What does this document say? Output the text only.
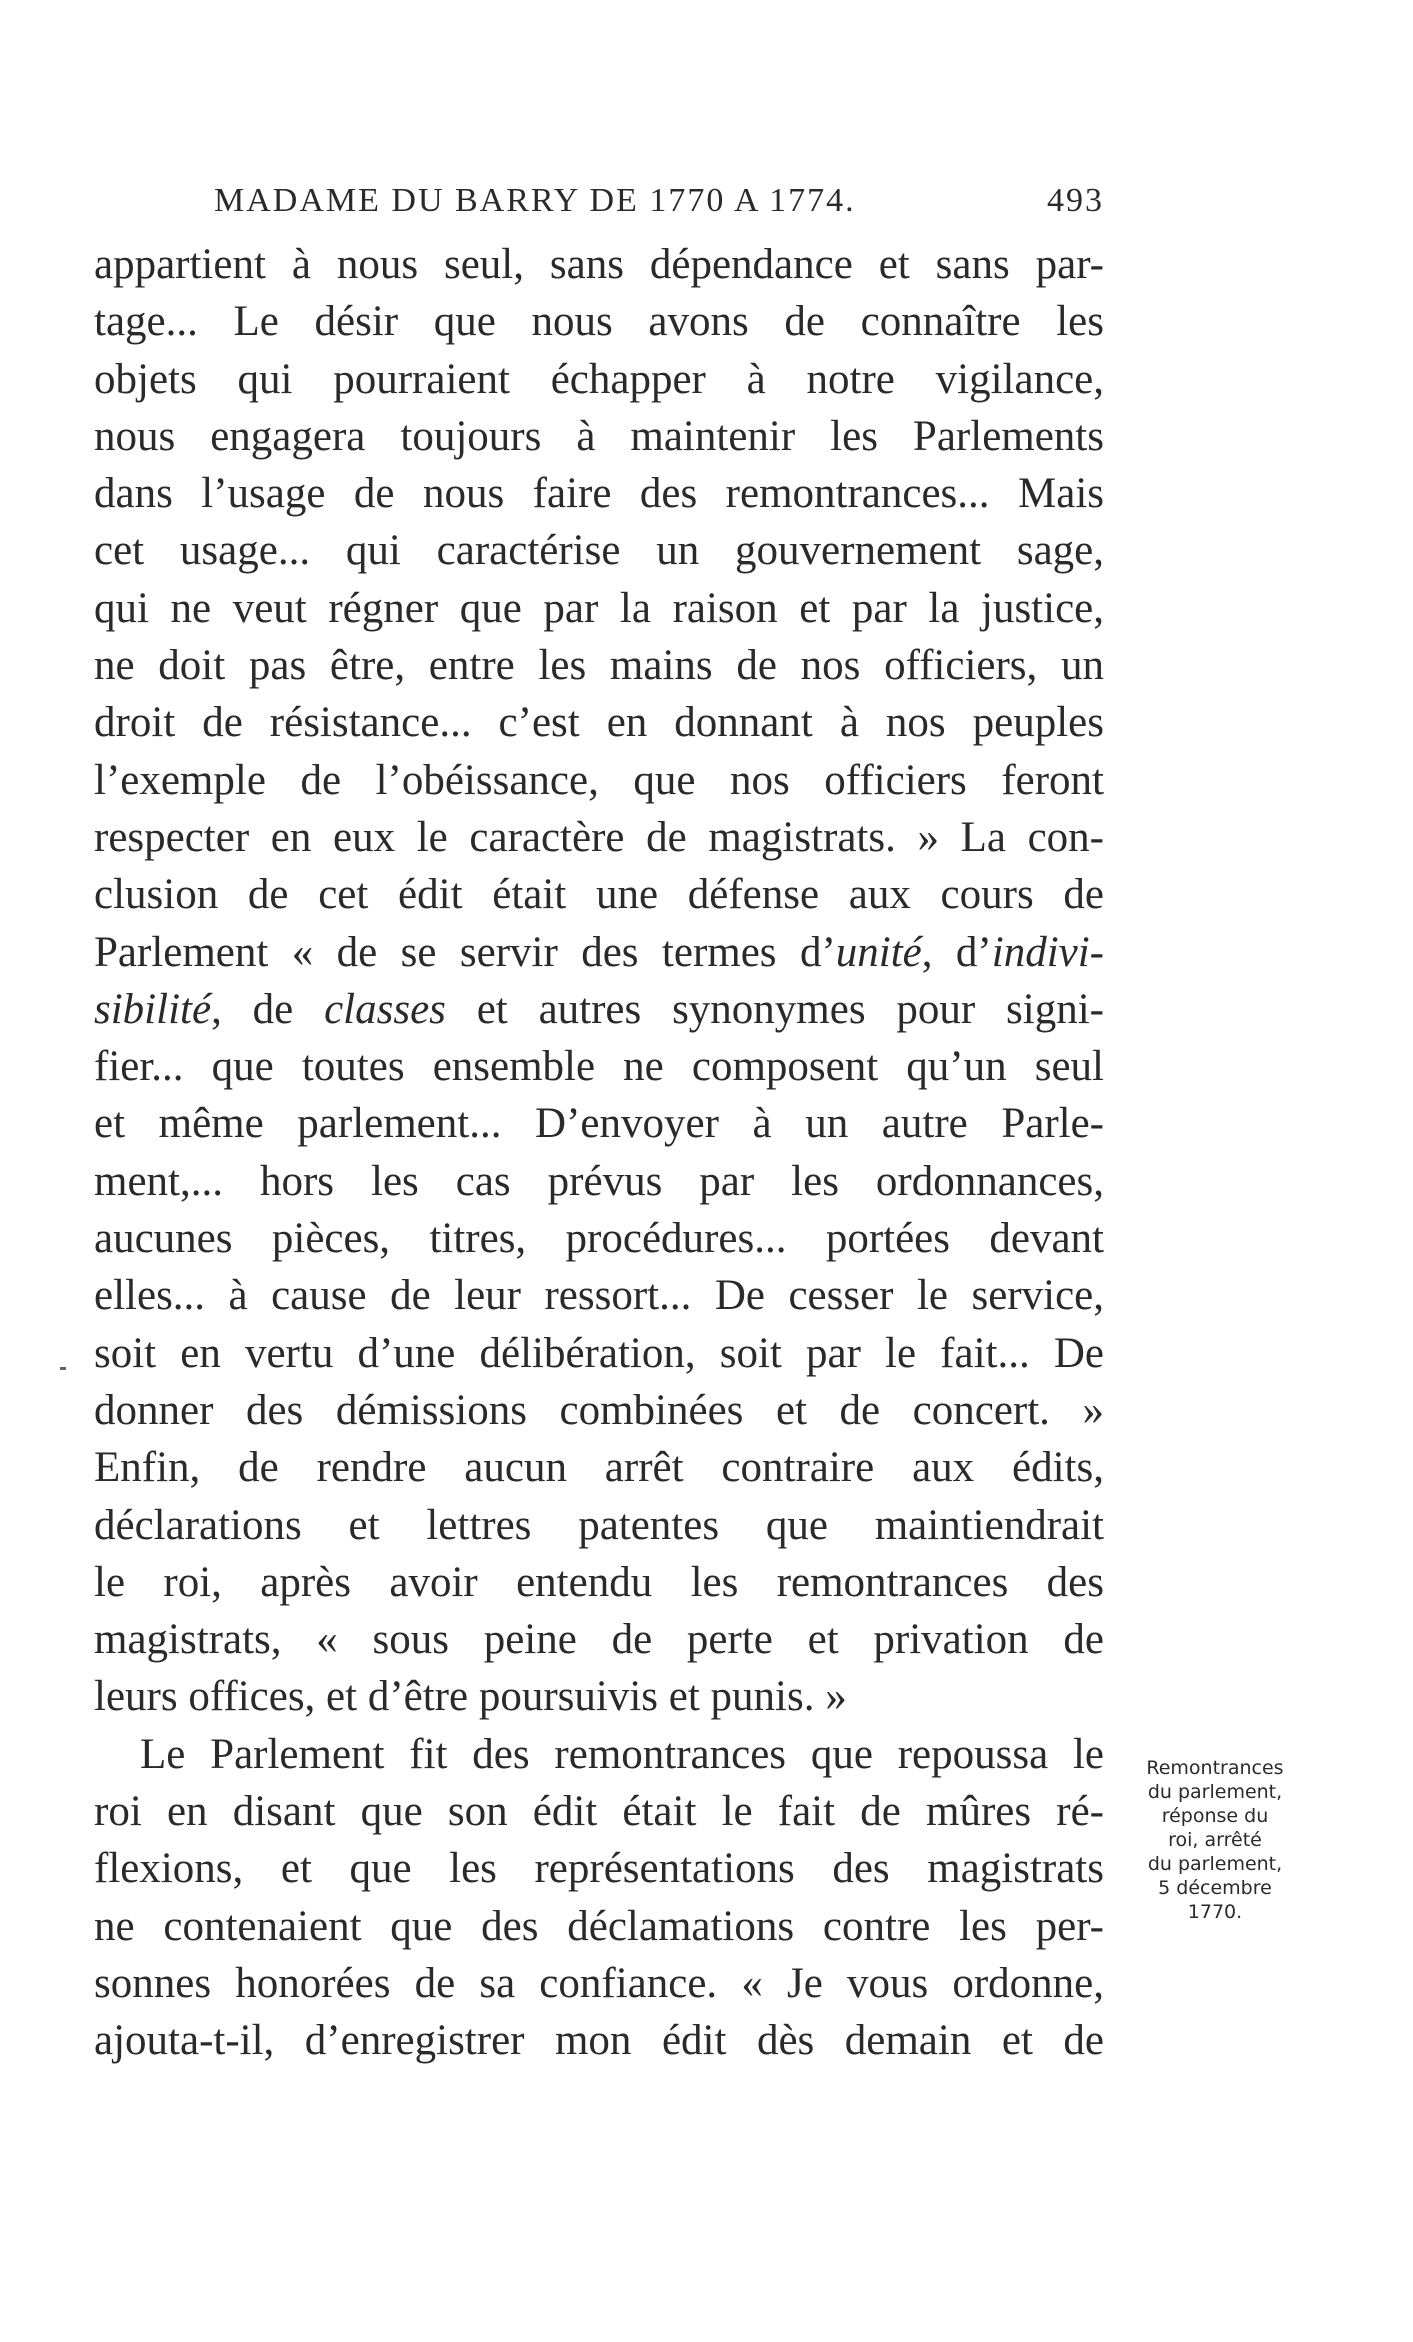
MADAME DU BARRY DE 1770 A 1774.	493
appartient à nous seul, sans dépendance et sans par-
tage... Le désir que nous avons de connaître les
objets qui pourraient échapper à notre vigilance,
nous engagera toujours à maintenir les Parlements
dans l’usage de nous faire des remontrances... Mais
cet usage... qui caractérise un gouvernement sage,
qui ne veut régner que par la raison et par la justice,
ne doit pas être, entre les mains de nos officiers, un
droit de résistance... c’est en donnant à nos peuples
l’exemple de l’obéissance, que nos officiers feront
respecter en eux le caractère de magistrats. » La con-
clusion de cet édit était une défense aux cours de
Parlement « de se servir des termes d’unité, d’indivi-
sibilité, de classes et autres synonymes pour signi-
fier... que toutes ensemble ne composent qu’un seul
et même parlement... D’envoyer à un autre Parle-
ment,... hors les cas prévus par les ordonnances,
aucunes pièces, titres, procédures... portées devant
elles... à cause de leur ressort... De cesser le service,
soit en vertu d’une délibération, soit par le fait... De
donner des démissions combinées et de concert. »
Enfin, de rendre aucun arrêt contraire aux édits,
déclarations et lettres patentes que maintiendrait
le roi, après avoir entendu les remontrances des
magistrats, « sous peine de perte et privation de
leurs offices, et d’être poursuivis et punis. »
Le Parlement fit des remontrances que repoussa le
roi en disant que son édit était le fait de mûres ré-
flexions, et que les représentations des magistrats
ne contenaient que des déclamations contre les per-
sonnes honorées de sa confiance. « Je vous ordonne,
ajouta-t-il, d’enregistrer mon édit dès demain et de
Remontrances
du parlement,
réponse du
roi, arrêté
du parlement,
5 décembre
1770.
